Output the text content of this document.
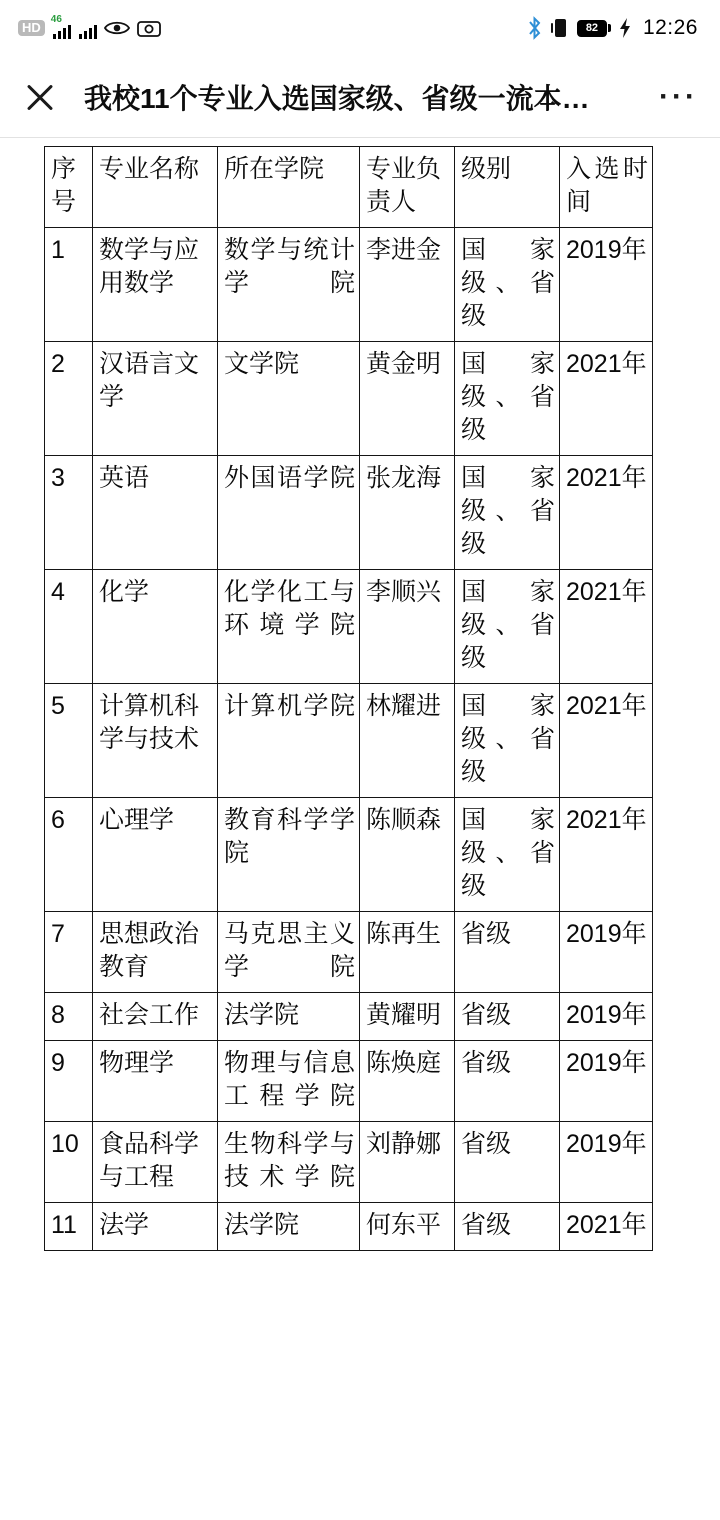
HD
46
82	12:26
我校11个专业入选国家级、省级一流本…	···
序号	专业名称	所在学院	专业负责人	级别	入选时间
1	数学与应用数学	数学与统计学院	李进金	国家级、省级	2019年
2	汉语言文学	文学院	黄金明	国家级、省级	2021年
3	英语	外国语学院	张龙海	国家级、省级	2021年
4	化学	化学化工与环境学院	李顺兴	国家级、省级	2021年
5	计算机科学与技术	计算机学院	林耀进	国家级、省级	2021年
6	心理学	教育科学学院	陈顺森	国家级、省级	2021年
7	思想政治教育	马克思主义学院	陈再生	省级	2019年
8	社会工作	法学院	黄耀明	省级	2019年
9	物理学	物理与信息工程学院	陈焕庭	省级	2019年
10	食品科学与工程	生物科学与技术学院	刘静娜	省级	2019年
11	法学	法学院	何东平	省级	2021年
